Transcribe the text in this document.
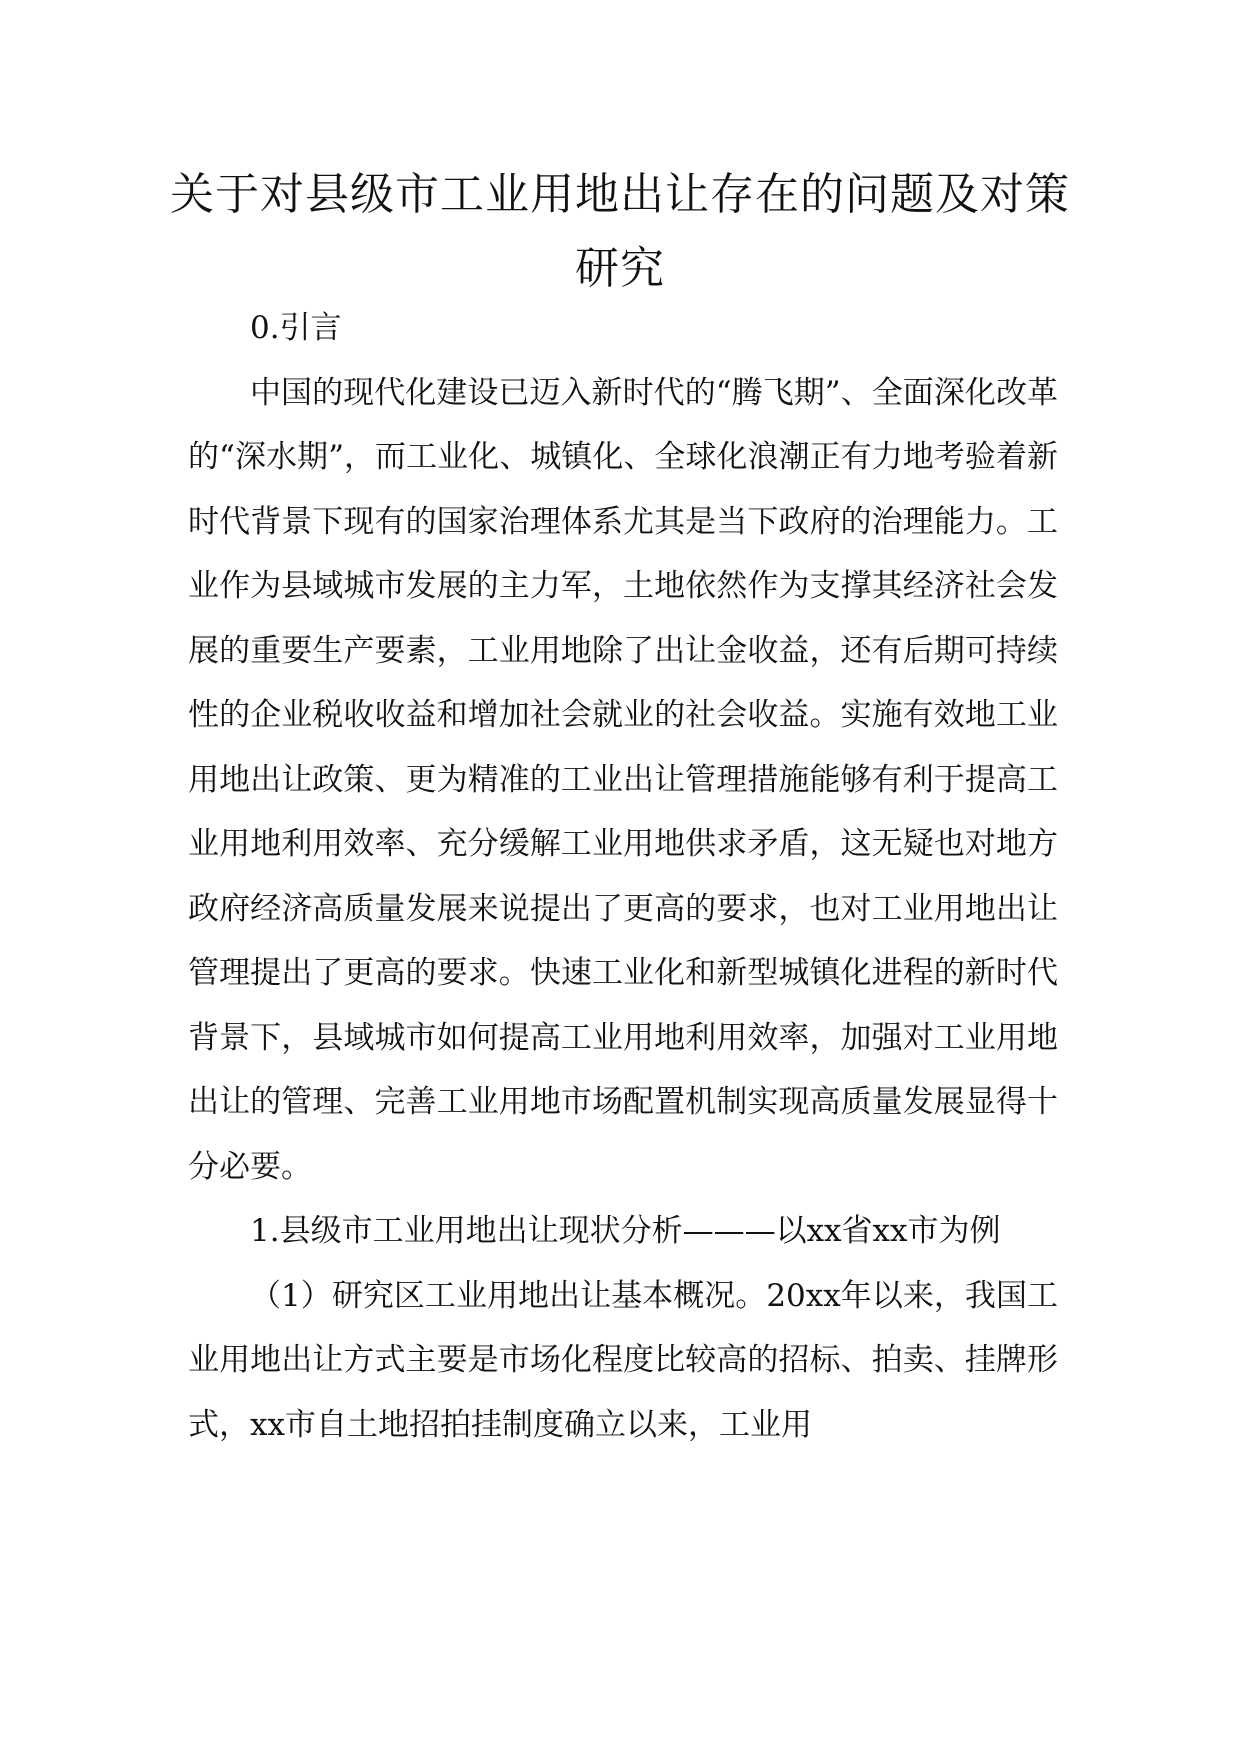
关于对县级市工业用地出让存在的问题及对策研究

0.引言

中国的现代化建设已迈入新时代的“腾飞期”、全面深化改革的“深水期”，而工业化、城镇化、全球化浪潮正有力地考验着新时代背景下现有的国家治理体系尤其是当下政府的治理能力。工业作为县域城市发展的主力军，土地依然作为支撑其经济社会发展的重要生产要素，工业用地除了出让金收益，还有后期可持续性的企业税收收益和增加社会就业的社会收益。实施有效地工业用地出让政策、更为精准的工业出让管理措施能够有利于提高工业用地利用效率、充分缓解工业用地供求矛盾，这无疑也对地方政府经济高质量发展来说提出了更高的要求，也对工业用地出让管理提出了更高的要求。快速工业化和新型城镇化进程的新时代背景下，县域城市如何提高工业用地利用效率，加强对工业用地出让的管理、完善工业用地市场配置机制实现高质量发展显得十分必要。

1.县级市工业用地出让现状分析———以xx省xx市为例

（1）研究区工业用地出让基本概况。20xx年以来，我国工业用地出让方式主要是市场化程度比较高的招标、拍卖、挂牌形式，xx市自土地招拍挂制度确立以来，工业用
